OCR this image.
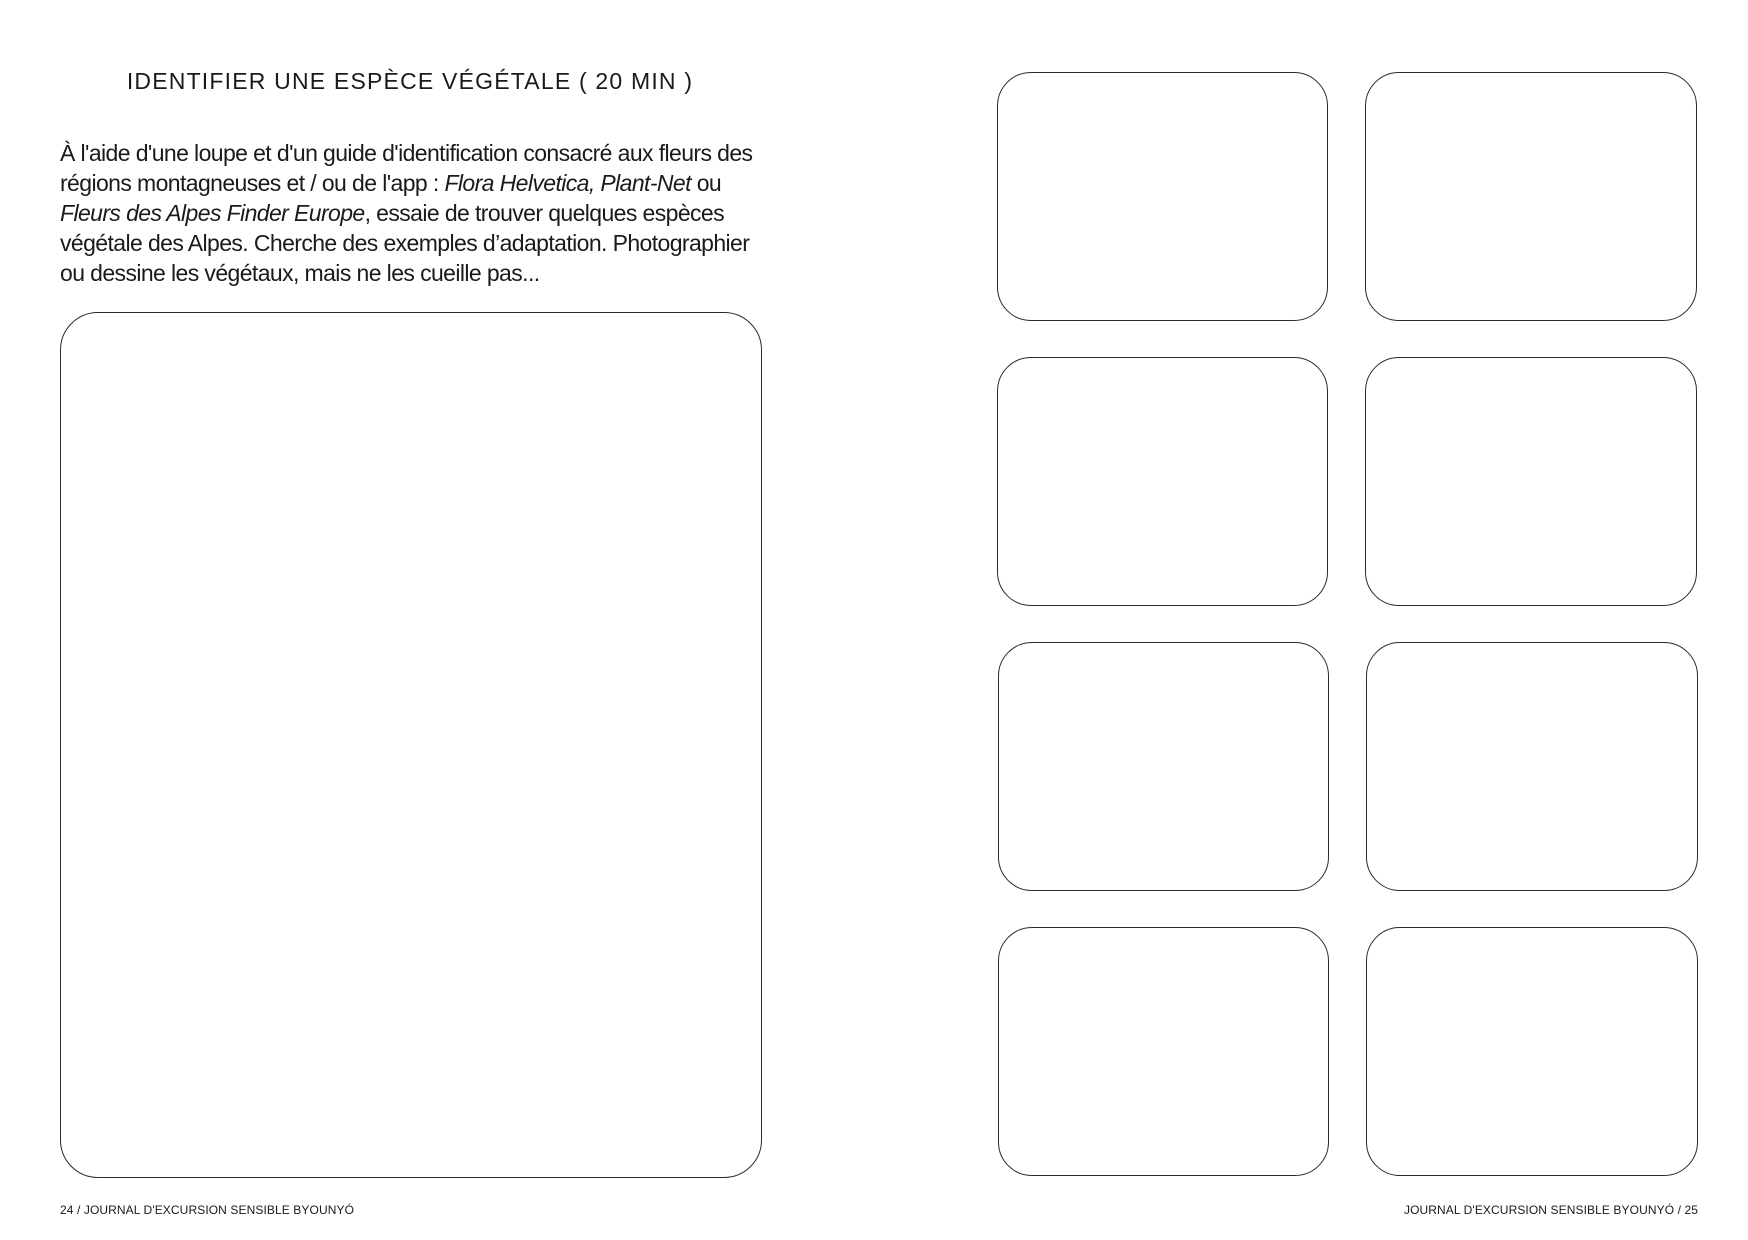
IDENTIFIER UNE ESPÈCE VÉGÉTALE ( 20 MIN )

À l'aide d'une loupe et d'un guide d'identification consacré aux fleurs des régions montagneuses et / ou de l'app : Flora Helvetica, Plant-Net ou Fleurs des Alpes Finder Europe, essaie de trouver quelques espèces végétale des Alpes. Cherche des exemples d’adaptation. Photographier ou dessine les végétaux, mais ne les cueille pas...

24 / JOURNAL D'EXCURSION SENSIBLE BYOUNYÓ	JOURNAL D'EXCURSION SENSIBLE BYOUNYÓ / 25
